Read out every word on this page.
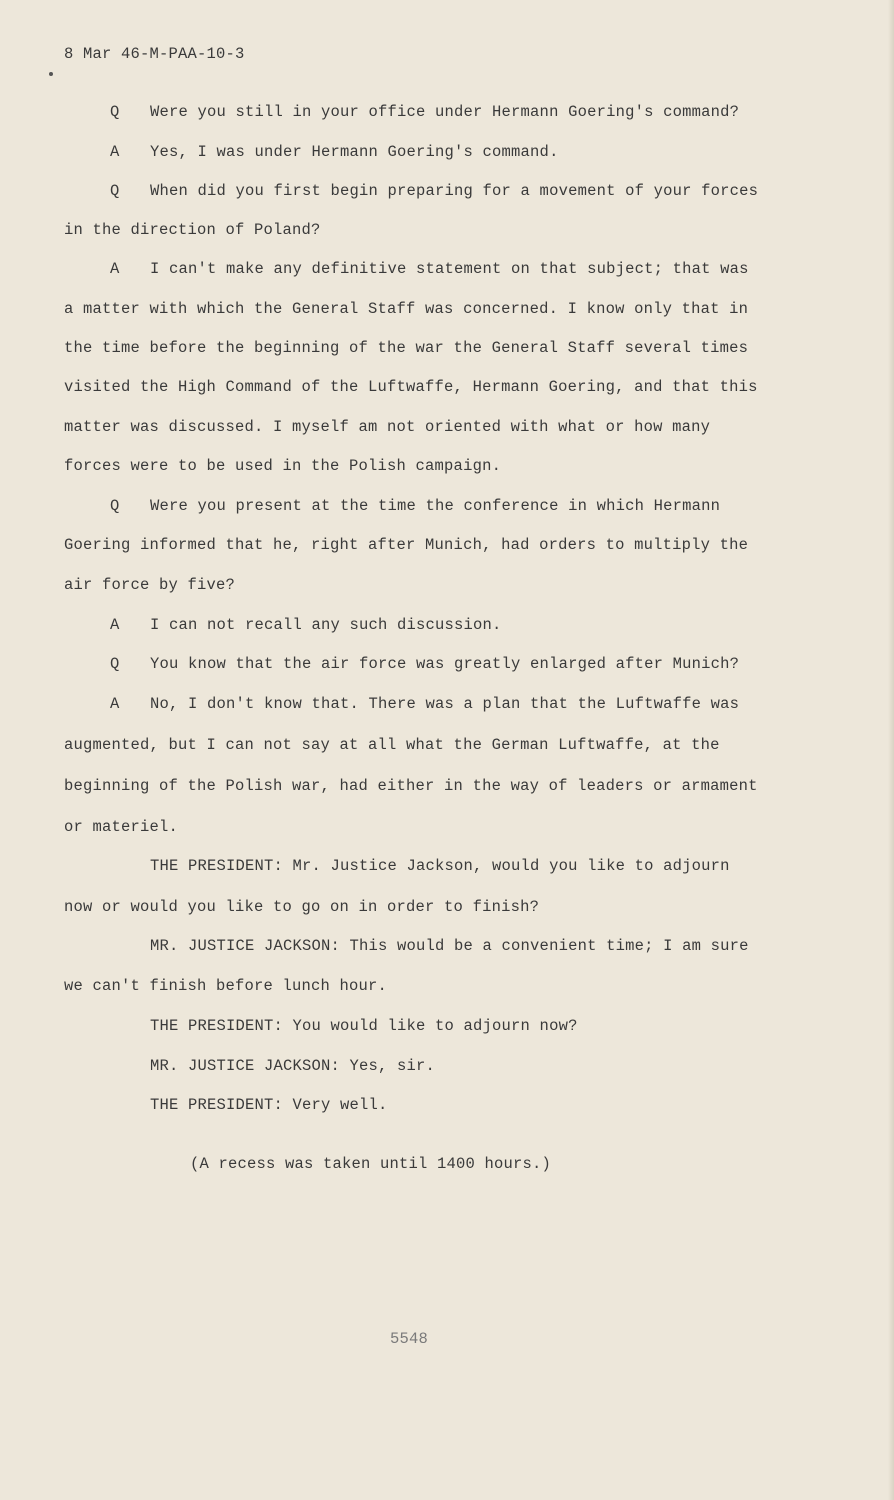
8 Mar 46-M-PAA-10-3
Q Were you still in your office under Hermann Goering's command?
A Yes, I was under Hermann Goering's command.
Q When did you first begin preparing for a movement of your forces
in the direction of Poland?
A I can't make any definitive statement on that subject; that was
a matter with which the General Staff was concerned. I know only that in
the time before the beginning of the war the General Staff several times
visited the High Command of the Luftwaffe, Hermann Goering, and that this
matter was discussed. I myself am not oriented with what or how many
forces were to be used in the Polish campaign.
Q Were you present at the time the conference in which Hermann
Goering informed that he, right after Munich, had orders to multiply the
air force by five?
A I can not recall any such discussion.
Q You know that the air force was greatly enlarged after Munich?
A No, I don't know that. There was a plan that the Luftwaffe was
augmented, but I can not say at all what the German Luftwaffe, at the
beginning of the Polish war, had either in the way of leaders or armament
or materiel.
THE PRESIDENT: Mr. Justice Jackson, would you like to adjourn
now or would you like to go on in order to finish?
MR. JUSTICE JACKSON: This would be a convenient time; I am sure
we can't finish before lunch hour.
THE PRESIDENT: You would like to adjourn now?
MR. JUSTICE JACKSON: Yes, sir.
THE PRESIDENT: Very well.
(A recess was taken until 1400 hours.)
5548
